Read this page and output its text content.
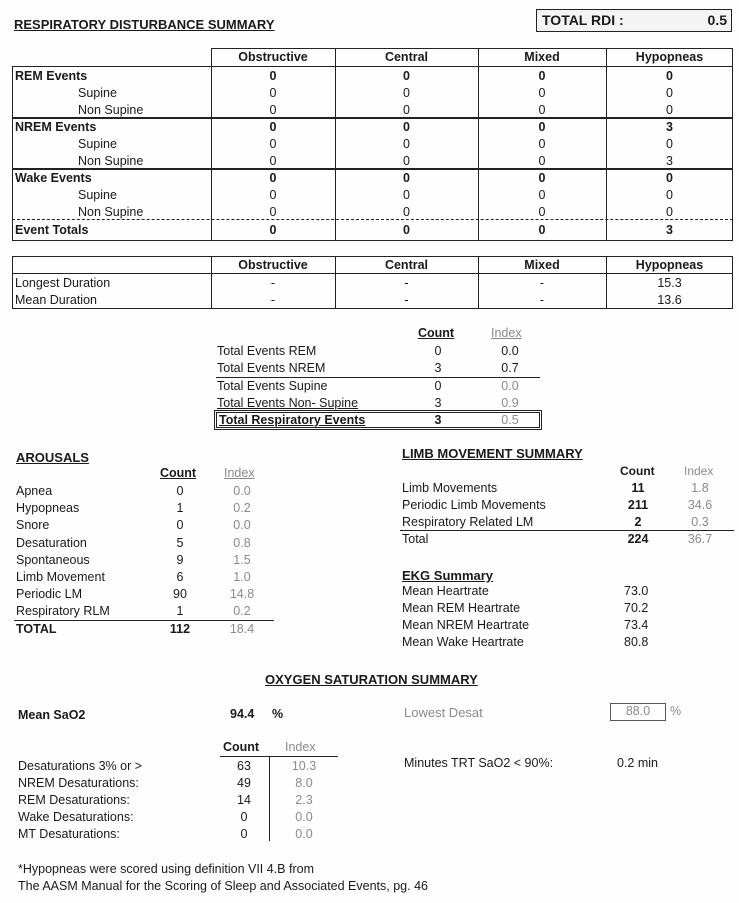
RESPIRATORY DISTURBANCE SUMMARY	TOTAL RDI :	0.5
Obstructive	Central	Mixed	Hypopneas
REM Events	0	0	0	0
Supine	0	0	0	0
Non Supine	0	0	0	0
NREM Events	0	0	0	3
Supine	0	0	0	0
Non Supine	0	0	0	3
Wake Events	0	0	0	0
Supine	0	0	0	0
Non Supine	0	0	0	0
Event Totals	0	0	0	3
Obstructive	Central	Mixed	Hypopneas
Longest Duration	-	-	-	15.3
Mean Duration	-	-	-	13.6
Count	Index
Total Events REM	0	0.0
Total Events NREM	3	0.7
Total Events Supine	0	0.0
Total Events Non- Supine	3	0.9
Total Respiratory Events	3	0.5
AROUSALS
Count Index
Apnea	0	0.0
Hypopneas	1	0.2
Snore	0	0.0
Desaturation	5	0.8
Spontaneous	9	1.5
Limb Movement	6	1.0
Periodic LM	90	14.8
Respiratory RLM	1	0.2
TOTAL	112	18.4
LIMB MOVEMENT SUMMARY
Count Index
Limb Movements	11	1.8
Periodic Limb Movements	211	34.6
Respiratory Related LM	2	0.3
Total	224	36.7
EKG Summary
Mean Heartrate	73.0
Mean REM Heartrate	70.2
Mean NREM Heartrate	73.4
Mean Wake Heartrate	80.8
OXYGEN SATURATION SUMMARY
Mean SaO2	94.4 %	Lowest Desat	88.0	%
Count Index
Desaturations 3% or >	63	10.3
NREM Desaturations:	49	8.0
REM Desaturations:	14	2.3
Wake Desaturations:	0	0.0
MT Desaturations:	0	0.0
Minutes TRT SaO2 < 90%:	0.2 min
*Hypopneas were scored using definition VII 4.B from
The AASM Manual for the Scoring of Sleep and Associated Events, pg. 46
